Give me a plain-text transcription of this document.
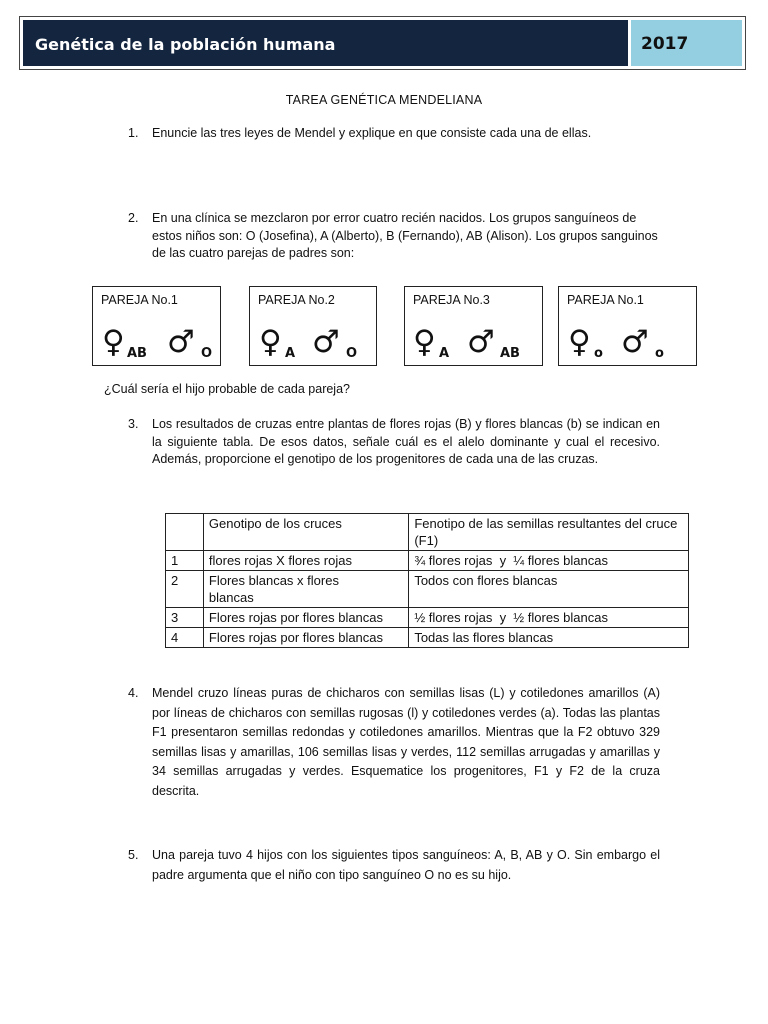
Genética de la población humana	2017
TAREA GENÉTICA MENDELIANA
1. Enuncie las tres leyes de Mendel y explique en que consiste cada una de ellas.
2. En una clínica se mezclaron por error cuatro recién nacidos. Los grupos sanguíneos de estos niños son: O (Josefina), A (Alberto), B (Fernando), AB (Alison). Los grupos sanguinos de las cuatro parejas de padres son:
PAREJA No.1
♀ AB ♂ O
PAREJA No.2
♀ A ♂ O
PAREJA No.3
♀ A ♂ AB
PAREJA No.1
♀ o ♂ o
¿Cuál sería el hijo probable de cada pareja?
3. Los resultados de cruzas entre plantas de flores rojas (B) y flores blancas (b) se indican en la siguiente tabla. De esos datos, señale cuál es el alelo dominante y cual el recesivo. Además, proporcione el genotipo de los progenitores de cada una de las cruzas.
	Genotipo de los cruces	Fenotipo de las semillas resultantes del cruce (F1)
1	flores rojas X flores rojas	¾ flores rojas  y  ¼ flores blancas
2	Flores blancas x flores blancas	Todos con flores blancas
3	Flores rojas por flores blancas	½ flores rojas  y  ½ flores blancas
4	Flores rojas por flores blancas	Todas las flores blancas
4. Mendel cruzo líneas puras de chicharos con semillas lisas (L) y cotiledones amarillos (A) por líneas de chicharos con semillas rugosas (l) y cotiledones verdes (a). Todas las plantas F1 presentaron semillas redondas y cotiledones amarillos. Mientras que la F2 obtuvo 329 semillas lisas y amarillas, 106 semillas lisas y verdes, 112 semillas arrugadas y amarillas y 34 semillas arrugadas y verdes. Esquematice los progenitores, F1 y F2 de la cruza descrita.
5. Una pareja tuvo 4 hijos con los siguientes tipos sanguíneos: A, B, AB y O. Sin embargo el padre argumenta que el niño con tipo sanguíneo O no es su hijo.
